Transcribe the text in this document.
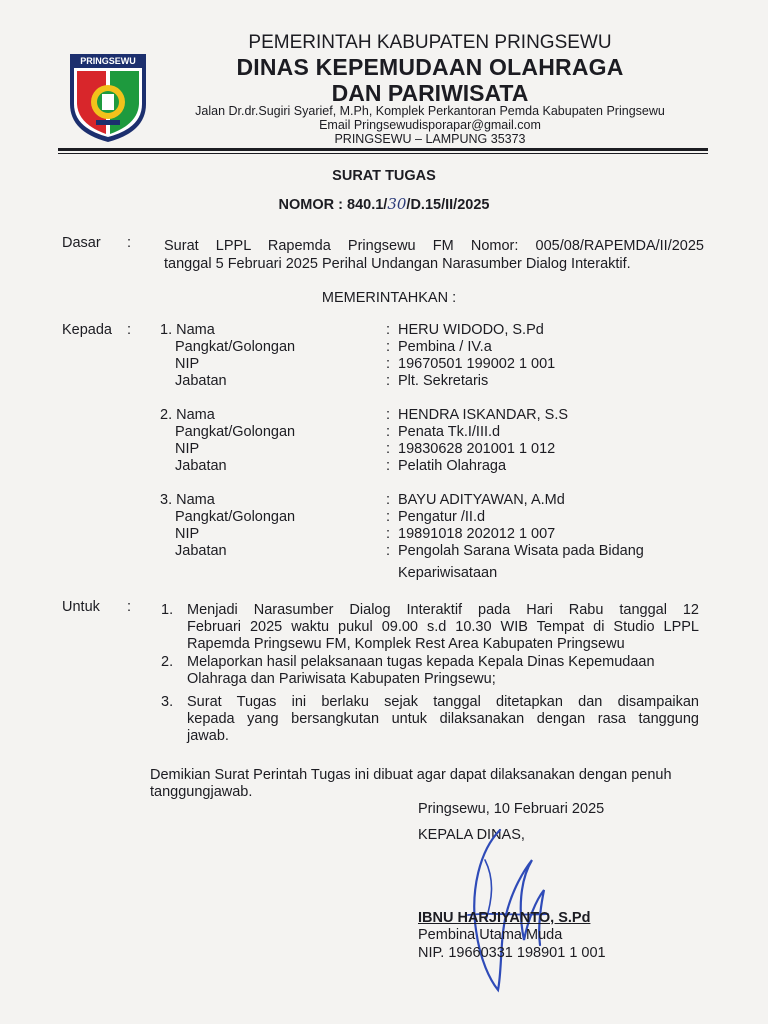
PRINGSEWU
PEMERINTAH KABUPATEN PRINGSEWU
DINAS KEPEMUDAAN OLAHRAGA
DAN PARIWISATA
Jalan Dr.dr.Sugiri Syarief, M.Ph, Komplek Perkantoran Pemda Kabupaten Pringsewu
Email Pringsewudisporapar@gmail.com
PRINGSEWU – LAMPUNG 35373
SURAT TUGAS
NOMOR : 840.1/30/D.15/II/2025
Dasar : Surat LPPL Rapemda Pringsewu FM Nomor: 005/08/RAPEMDA/II/2025
tanggal 5 Februari 2025 Perihal Undangan Narasumber Dialog Interaktif.
MEMERINTAHKAN :
Kepada : 1. Nama
Pangkat/Golongan
NIP
Jabatan
:
:
:
:
HERU WIDODO, S.Pd
Pembina / IV.a
19670501 199002 1 001
Plt. Sekretaris
2. Nama
Pangkat/Golongan
NIP
Jabatan
:
:
:
:
HENDRA ISKANDAR, S.S
Penata Tk.I/III.d
19830628 201001 1 012
Pelatih Olahraga
3. Nama
Pangkat/Golongan
NIP
Jabatan
:
:
:
:
BAYU ADITYAWAN, A.Md
Pengatur /II.d
19891018 202012 1 007
Pengolah Sarana Wisata pada Bidang
Kepariwisataan
Untuk : 1. Menjadi Narasumber Dialog Interaktif pada Hari Rabu tanggal 12
Februari 2025 waktu pukul 09.00 s.d 10.30 WIB Tempat di Studio LPPL
Rapemda Pringsewu FM, Komplek Rest Area Kabupaten Pringsewu
2. Melaporkan hasil pelaksanaan tugas kepada Kepala Dinas Kepemudaan
Olahraga dan Pariwisata Kabupaten Pringsewu;
3. Surat Tugas ini berlaku sejak tanggal ditetapkan dan disampaikan
kepada yang bersangkutan untuk dilaksanakan dengan rasa tanggung
jawab.
Demikian Surat Perintah Tugas ini dibuat agar dapat dilaksanakan dengan penuh
tanggungjawab.
Pringsewu, 10 Februari 2025
KEPALA DINAS,
IBNU HARJIYANTO, S.Pd
Pembina Utama Muda
NIP. 19660331 198901 1 001
